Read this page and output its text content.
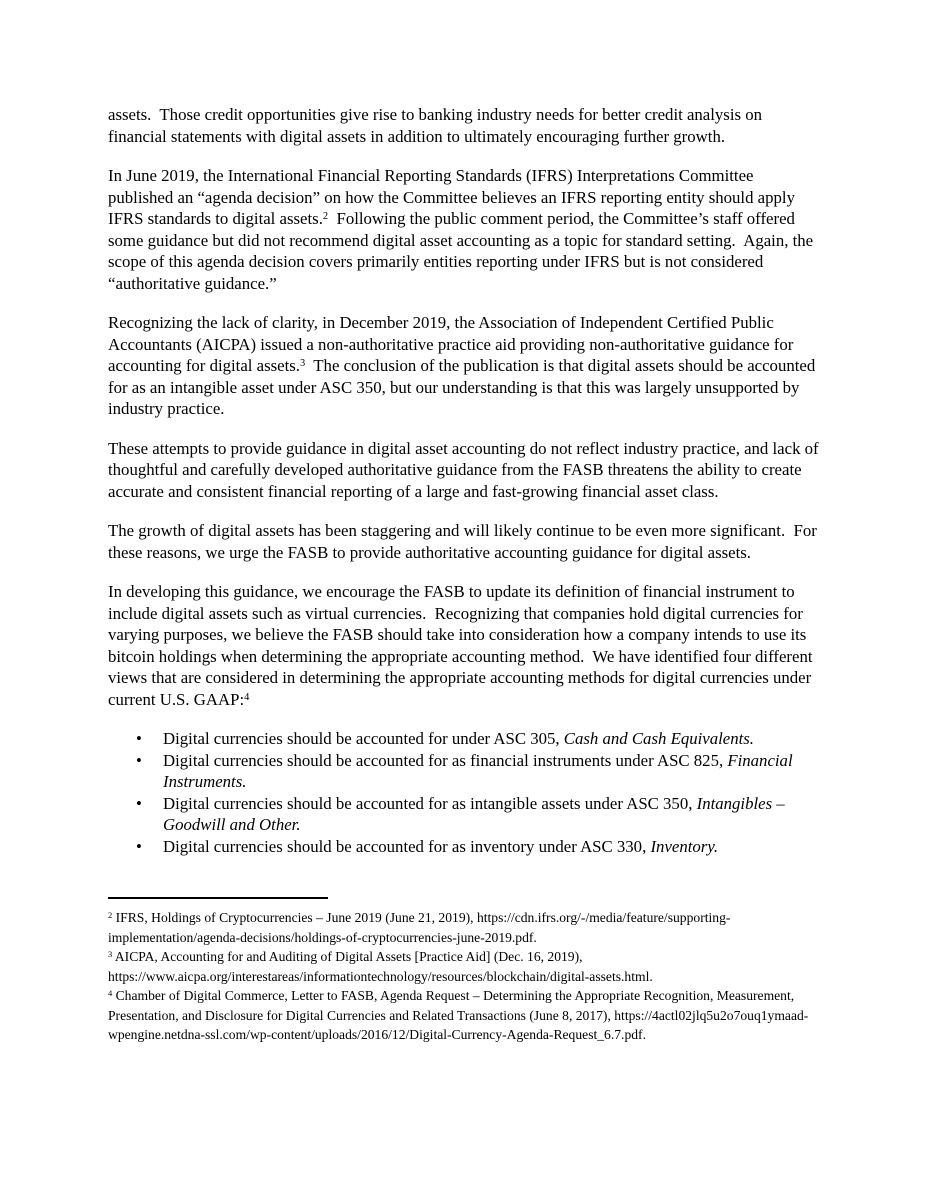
assets.  Those credit opportunities give rise to banking industry needs for better credit analysis on financial statements with digital assets in addition to ultimately encouraging further growth.

In June 2019, the International Financial Reporting Standards (IFRS) Interpretations Committee published an “agenda decision” on how the Committee believes an IFRS reporting entity should apply IFRS standards to digital assets.$^2$  Following the public comment period, the Committee’s staff offered some guidance but did not recommend digital asset accounting as a topic for standard setting.  Again, the scope of this agenda decision covers primarily entities reporting under IFRS but is not considered “authoritative guidance.”

Recognizing the lack of clarity, in December 2019, the Association of Independent Certified Public Accountants (AICPA) issued a non-authoritative practice aid providing non-authoritative guidance for accounting for digital assets.$^3$  The conclusion of the publication is that digital assets should be accounted for as an intangible asset under ASC 350, but our understanding is that this was largely unsupported by industry practice.

These attempts to provide guidance in digital asset accounting do not reflect industry practice, and lack of thoughtful and carefully developed authoritative guidance from the FASB threatens the ability to create accurate and consistent financial reporting of a large and fast-growing financial asset class.

The growth of digital assets has been staggering and will likely continue to be even more significant.  For these reasons, we urge the FASB to provide authoritative accounting guidance for digital assets.

In developing this guidance, we encourage the FASB to update its definition of financial instrument to include digital assets such as virtual currencies.  Recognizing that companies hold digital currencies for varying purposes, we believe the FASB should take into consideration how a company intends to use its bitcoin holdings when determining the appropriate accounting method.  We have identified four different views that are considered in determining the appropriate accounting methods for digital currencies under current U.S. GAAP:$^4$

• Digital currencies should be accounted for under ASC 305, Cash and Cash Equivalents.
• Digital currencies should be accounted for as financial instruments under ASC 825, Financial Instruments.
• Digital currencies should be accounted for as intangible assets under ASC 350, Intangibles – Goodwill and Other.
• Digital currencies should be accounted for as inventory under ASC 330, Inventory.
$^2$ IFRS, Holdings of Cryptocurrencies – June 2019 (June 21, 2019), https://cdn.ifrs.org/-/media/feature/supporting-implementation/agenda-decisions/holdings-of-cryptocurrencies-june-2019.pdf.
$^3$ AICPA, Accounting for and Auditing of Digital Assets [Practice Aid] (Dec. 16, 2019), https://www.aicpa.org/interestareas/informationtechnology/resources/blockchain/digital-assets.html.
$^4$ Chamber of Digital Commerce, Letter to FASB, Agenda Request – Determining the Appropriate Recognition, Measurement, Presentation, and Disclosure for Digital Currencies and Related Transactions (June 8, 2017), https://4actl02jlq5u2o7ouq1ymaad-wpengine.netdna-ssl.com/wp-content/uploads/2016/12/Digital-Currency-Agenda-Request_6.7.pdf.
